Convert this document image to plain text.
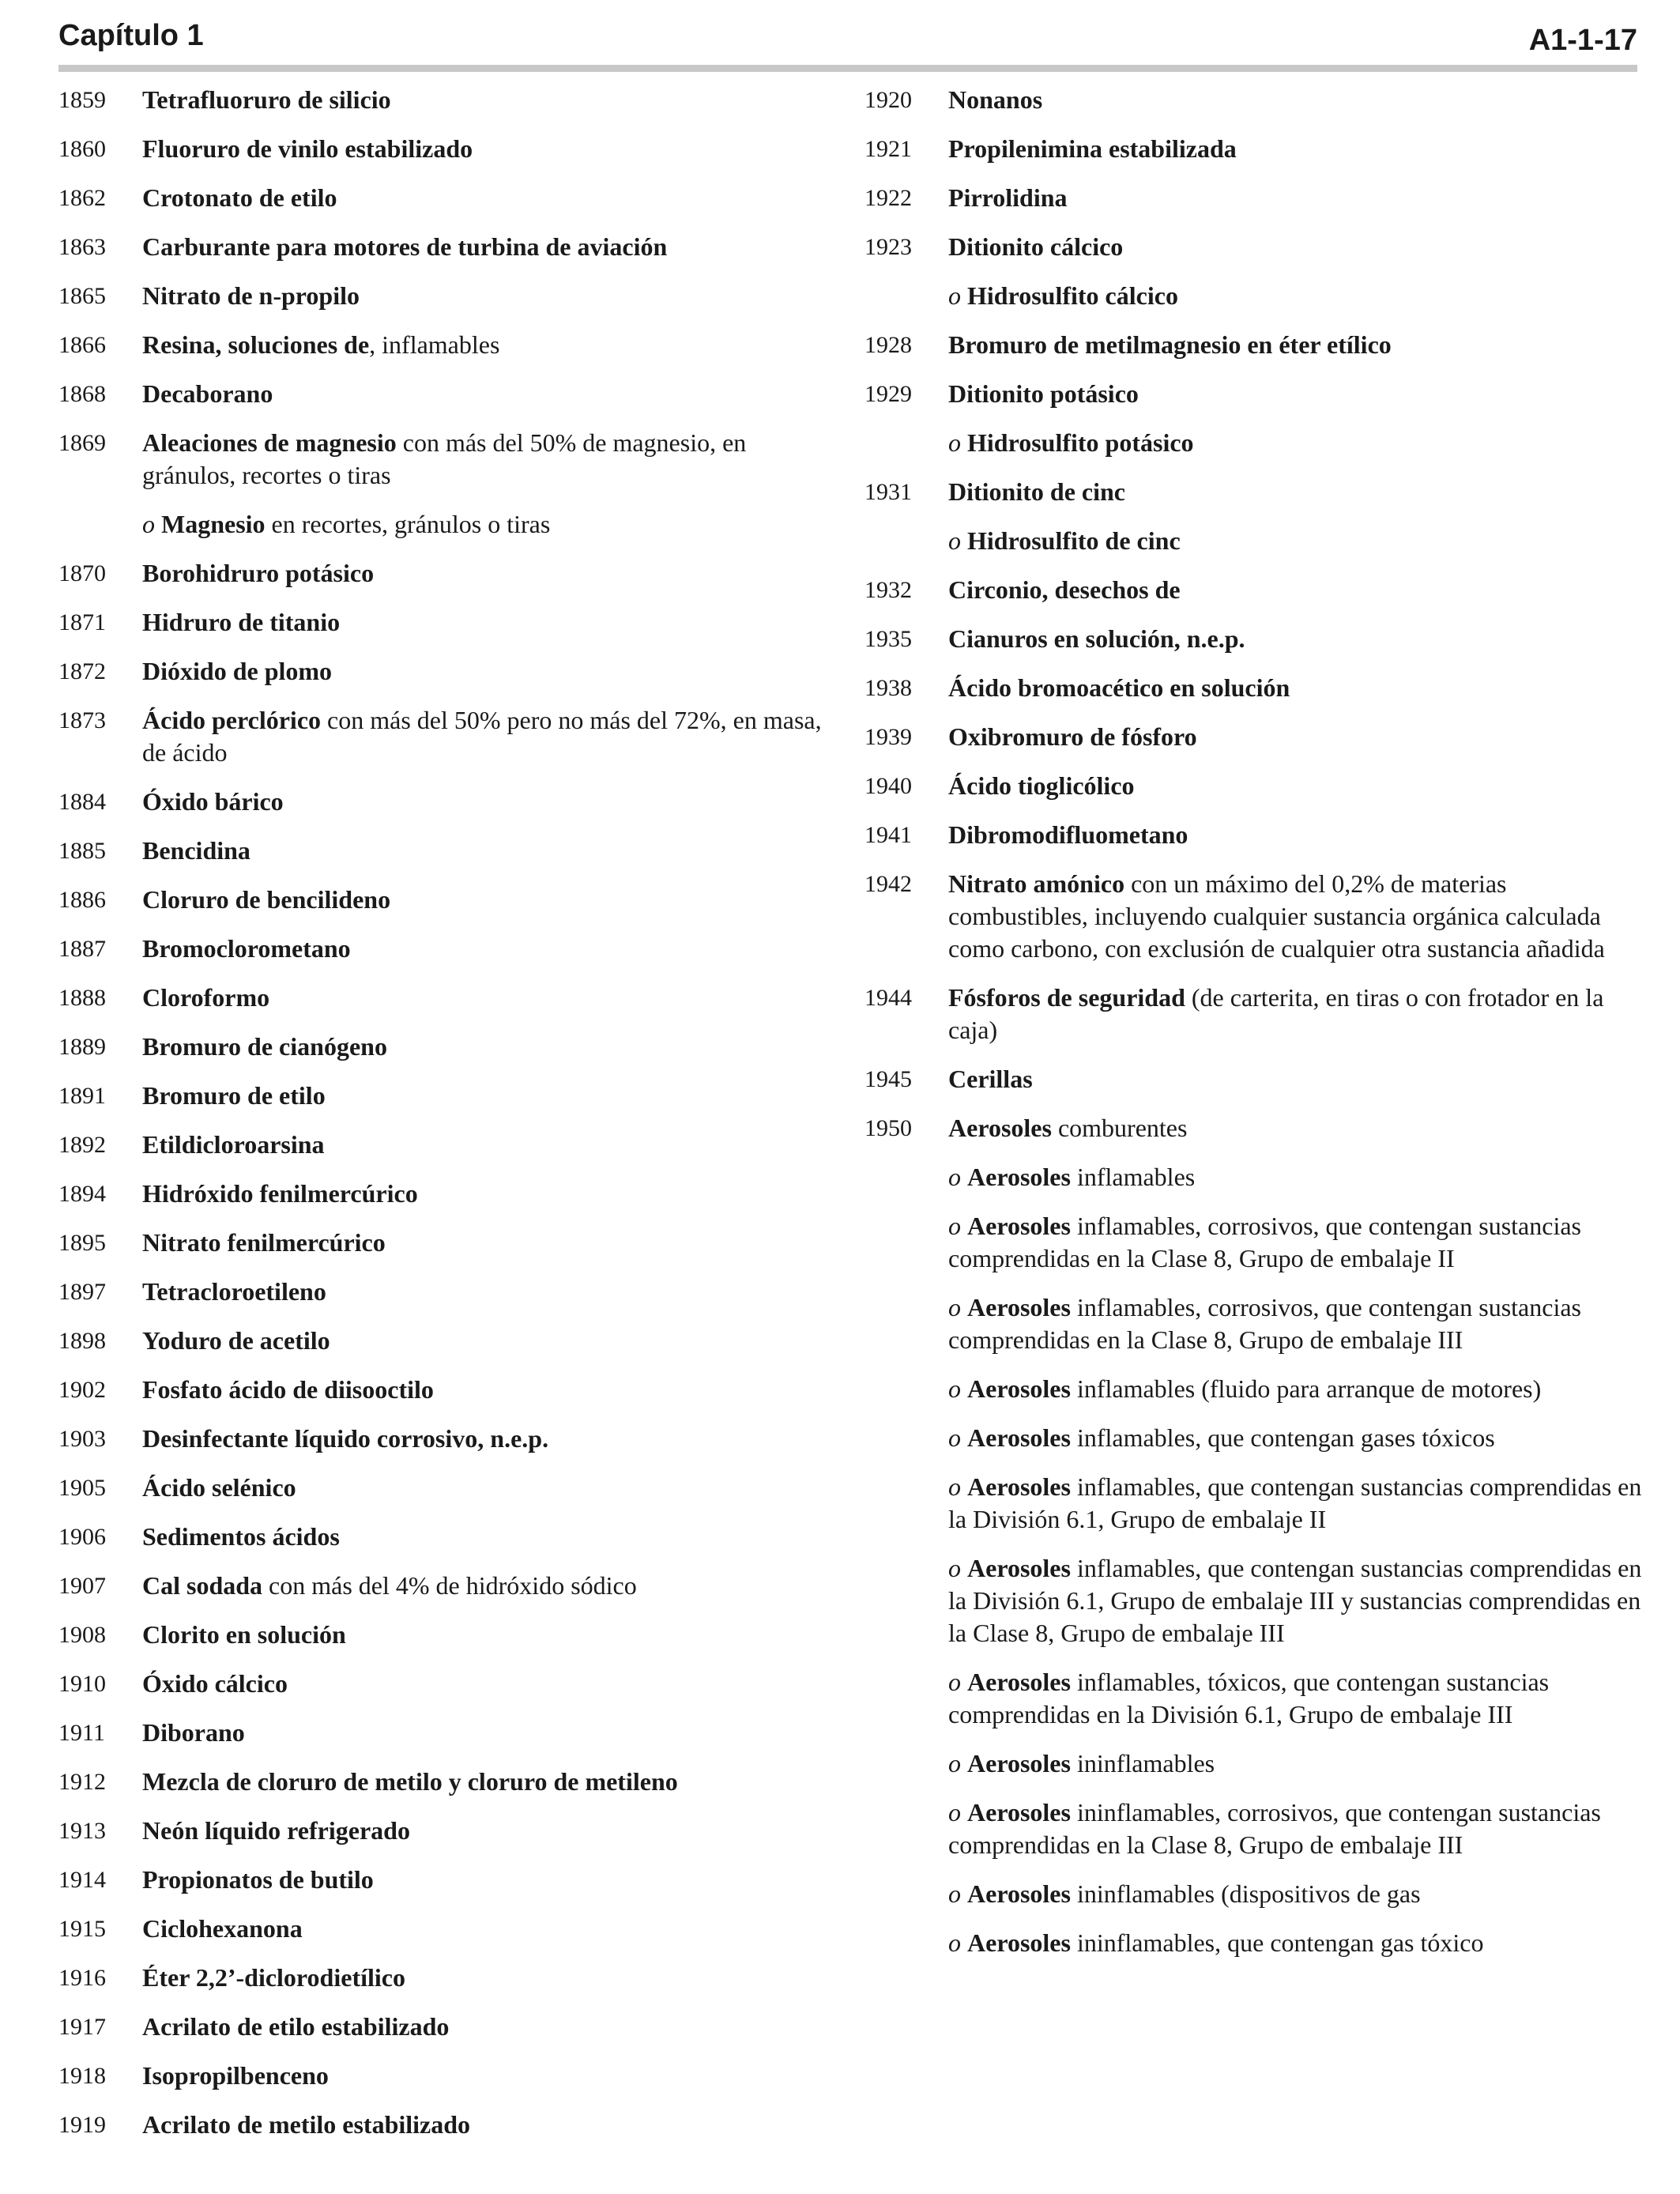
Capítulo 1	A1-1-17
1859	Tetrafluoruro de silicio
1860	Fluoruro de vinilo estabilizado
1862	Crotonato de etilo
1863	Carburante para motores de turbina de aviación
1865	Nitrato de n-propilo
1866	Resina, soluciones de, inflamables
1868	Decaborano
1869	Aleaciones de magnesio con más del 50% de magnesio, en gránulos, recortes o tiras
o Magnesio en recortes, gránulos o tiras
1870	Borohidruro potásico
1871	Hidruro de titanio
1872	Dióxido de plomo
1873	Ácido perclórico con más del 50% pero no más del 72%, en masa, de ácido
1884	Óxido bárico
1885	Bencidina
1886	Cloruro de bencilideno
1887	Bromoclorometano
1888	Cloroformo
1889	Bromuro de cianógeno
1891	Bromuro de etilo
1892	Etildicloroarsina
1894	Hidróxido fenilmercúrico
1895	Nitrato fenilmercúrico
1897	Tetracloroetileno
1898	Yoduro de acetilo
1902	Fosfato ácido de diisooctilo
1903	Desinfectante líquido corrosivo, n.e.p.
1905	Ácido selénico
1906	Sedimentos ácidos
1907	Cal sodada con más del 4% de hidróxido sódico
1908	Clorito en solución
1910	Óxido cálcico
1911	Diborano
1912	Mezcla de cloruro de metilo y cloruro de metileno
1913	Neón líquido refrigerado
1914	Propionatos de butilo
1915	Ciclohexanona
1916	Éter 2,2’-diclorodietílico
1917	Acrilato de etilo estabilizado
1918	Isopropilbenceno
1919	Acrilato de metilo estabilizado
1920	Nonanos
1921	Propilenimina estabilizada
1922	Pirrolidina
1923	Ditionito cálcico
o Hidrosulfito cálcico
1928	Bromuro de metilmagnesio en éter etílico
1929	Ditionito potásico
o Hidrosulfito potásico
1931	Ditionito de cinc
o Hidrosulfito de cinc
1932	Circonio, desechos de
1935	Cianuros en solución, n.e.p.
1938	Ácido bromoacético en solución
1939	Oxibromuro de fósforo
1940	Ácido tioglicólico
1941	Dibromodifluometano
1942	Nitrato amónico con un máximo del 0,2% de materias combustibles, incluyendo cualquier sustancia orgánica calculada como carbono, con exclusión de cualquier otra sustancia añadida
1944	Fósforos de seguridad (de carterita, en tiras o con frotador en la caja)
1945	Cerillas
1950	Aerosoles comburentes
o Aerosoles inflamables
o Aerosoles inflamables, corrosivos, que contengan sustancias comprendidas en la Clase 8, Grupo de embalaje II
o Aerosoles inflamables, corrosivos, que contengan sustancias comprendidas en la Clase 8, Grupo de embalaje III
o Aerosoles inflamables (fluido para arranque de motores)
o Aerosoles inflamables, que contengan gases tóxicos
o Aerosoles inflamables, que contengan sustancias comprendidas en la División 6.1, Grupo de embalaje II
o Aerosoles inflamables, que contengan sustancias comprendidas en la División 6.1, Grupo de embalaje III y sustancias comprendidas en la Clase 8, Grupo de embalaje III
o Aerosoles inflamables, tóxicos, que contengan sustancias comprendidas en la División 6.1, Grupo de embalaje III
o Aerosoles ininflamables
o Aerosoles ininflamables, corrosivos, que contengan sustancias comprendidas en la Clase 8, Grupo de embalaje III
o Aerosoles ininflamables (dispositivos de gas
o Aerosoles ininflamables, que contengan gas tóxico
